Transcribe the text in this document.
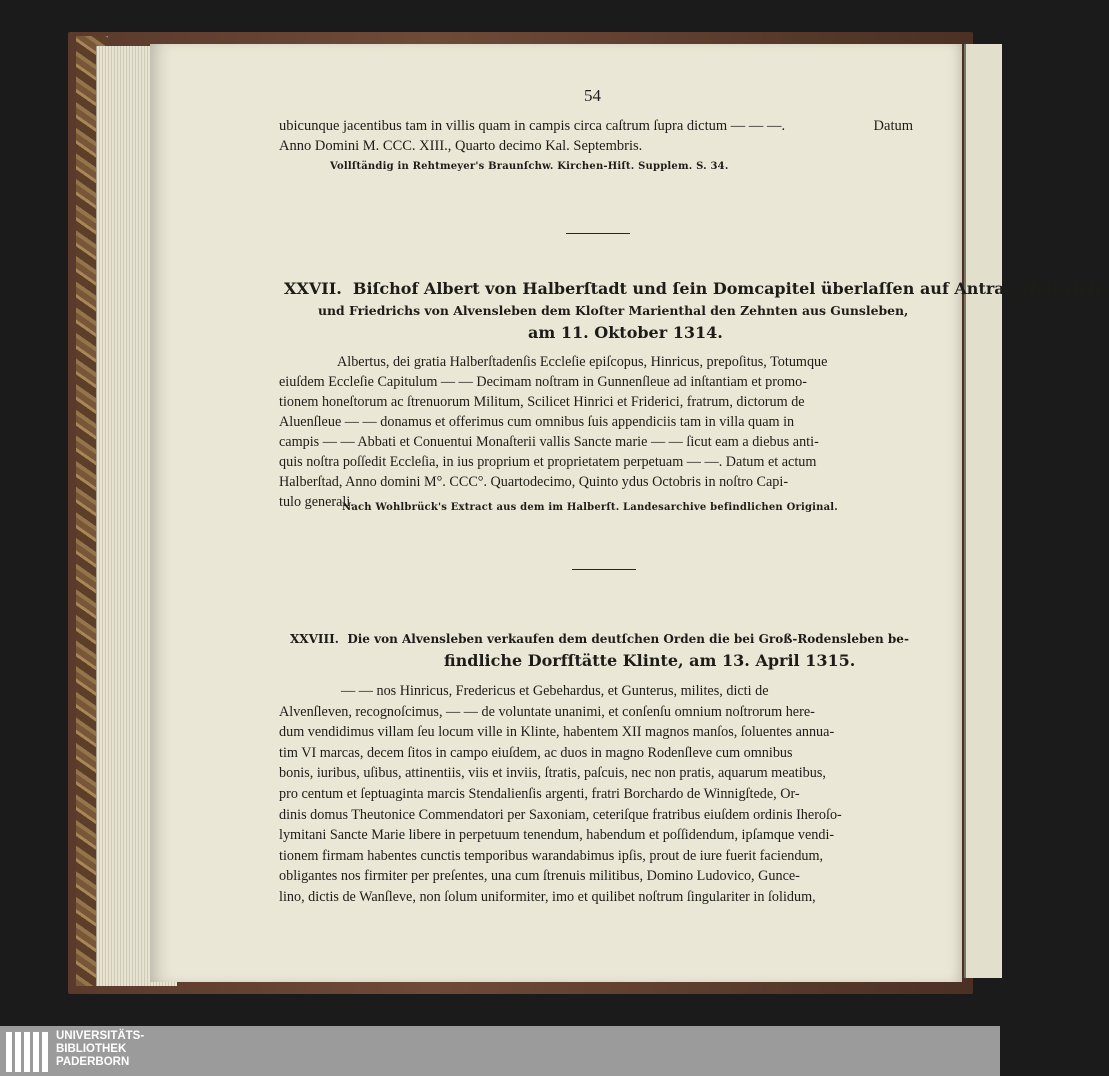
54
ubicunque jacentibus tam in villis quam in campis circa caſtrum ſupra dictum — — —.	Datum
Anno Domini M. CCC. XIII., Quarto decimo Kal. Septembris.
Vollſtändig in Rehtmeyer's Braunſchw. Kirchen-Hiſt. Supplem. S. 34.
XXVII. Biſchof Albert von Halberſtadt und ſein Domcapitel überlaſſen auf Antrag Heinrichs
und Friedrichs von Alvensleben dem Kloſter Marienthal den Zehnten aus Gunsleben,
am 11. Oktober 1314.
Albertus, dei gratia Halberſtadenſis Eccleſie epiſcopus, Hinricus, prepoſitus, Totumque
eiuſdem Eccleſie Capitulum — — Decimam noſtram in Gunnenſleue ad inſtantiam et promo-
tionem honeſtorum ac ſtrenuorum Militum, Scilicet Hinrici et Friderici, fratrum, dictorum de
Aluenſleue — — donamus et offerimus cum omnibus ſuis appendiciis tam in villa quam in
campis — — Abbati et Conuentui Monaſterii vallis Sancte marie — — ſicut eam a diebus anti-
quis noſtra poſſedit Eccleſia, in ius proprium et proprietatem perpetuam — —. Datum et actum
Halberſtad, Anno domini M°. CCC°. Quartodecimo, Quinto ydus Octobris in noſtro Capi-
tulo generali.
Nach Wohlbrück's Extract aus dem im Halberſt. Landesarchive befindlichen Original.
XXVIII. Die von Alvensleben verkaufen dem deutſchen Orden die bei Groß-Rodensleben be-
findliche Dorfſtätte Klinte, am 13. April 1315.
— — nos Hinricus, Fredericus et Gebehardus, et Gunterus, milites, dicti de
Alvenſleven, recognoſcimus, — — de voluntate unanimi, et conſenſu omnium noſtrorum here-
dum vendidimus villam ſeu locum ville in Klinte, habentem XII magnos manſos, ſoluentes annua-
tim VI marcas, decem ſitos in campo eiuſdem, ac duos in magno Rodenſleve cum omnibus
bonis, iuribus, uſibus, attinentiis, viis et inviis, ſtratis, paſcuis, nec non pratis, aquarum meatibus,
pro centum et ſeptuaginta marcis Stendalienſis argenti, fratri Borchardo de Winnigſtede, Or-
dinis domus Theutonice Commendatori per Saxoniam, ceteriſque fratribus eiuſdem ordinis Iheroſo-
lymitani Sancte Marie libere in perpetuum tenendum, habendum et poſſidendum, ipſamque vendi-
tionem firmam habentes cunctis temporibus warandabimus ipſis, prout de iure fuerit faciendum,
obligantes nos firmiter per preſentes, una cum ſtrenuis militibus, Domino Ludovico, Gunce-
lino, dictis de Wanſleve, non ſolum uniformiter, imo et quilibet noſtrum ſingulariter in ſolidum,
UNIVERSITÄTS-
BIBLIOTHEK
PADERBORN
